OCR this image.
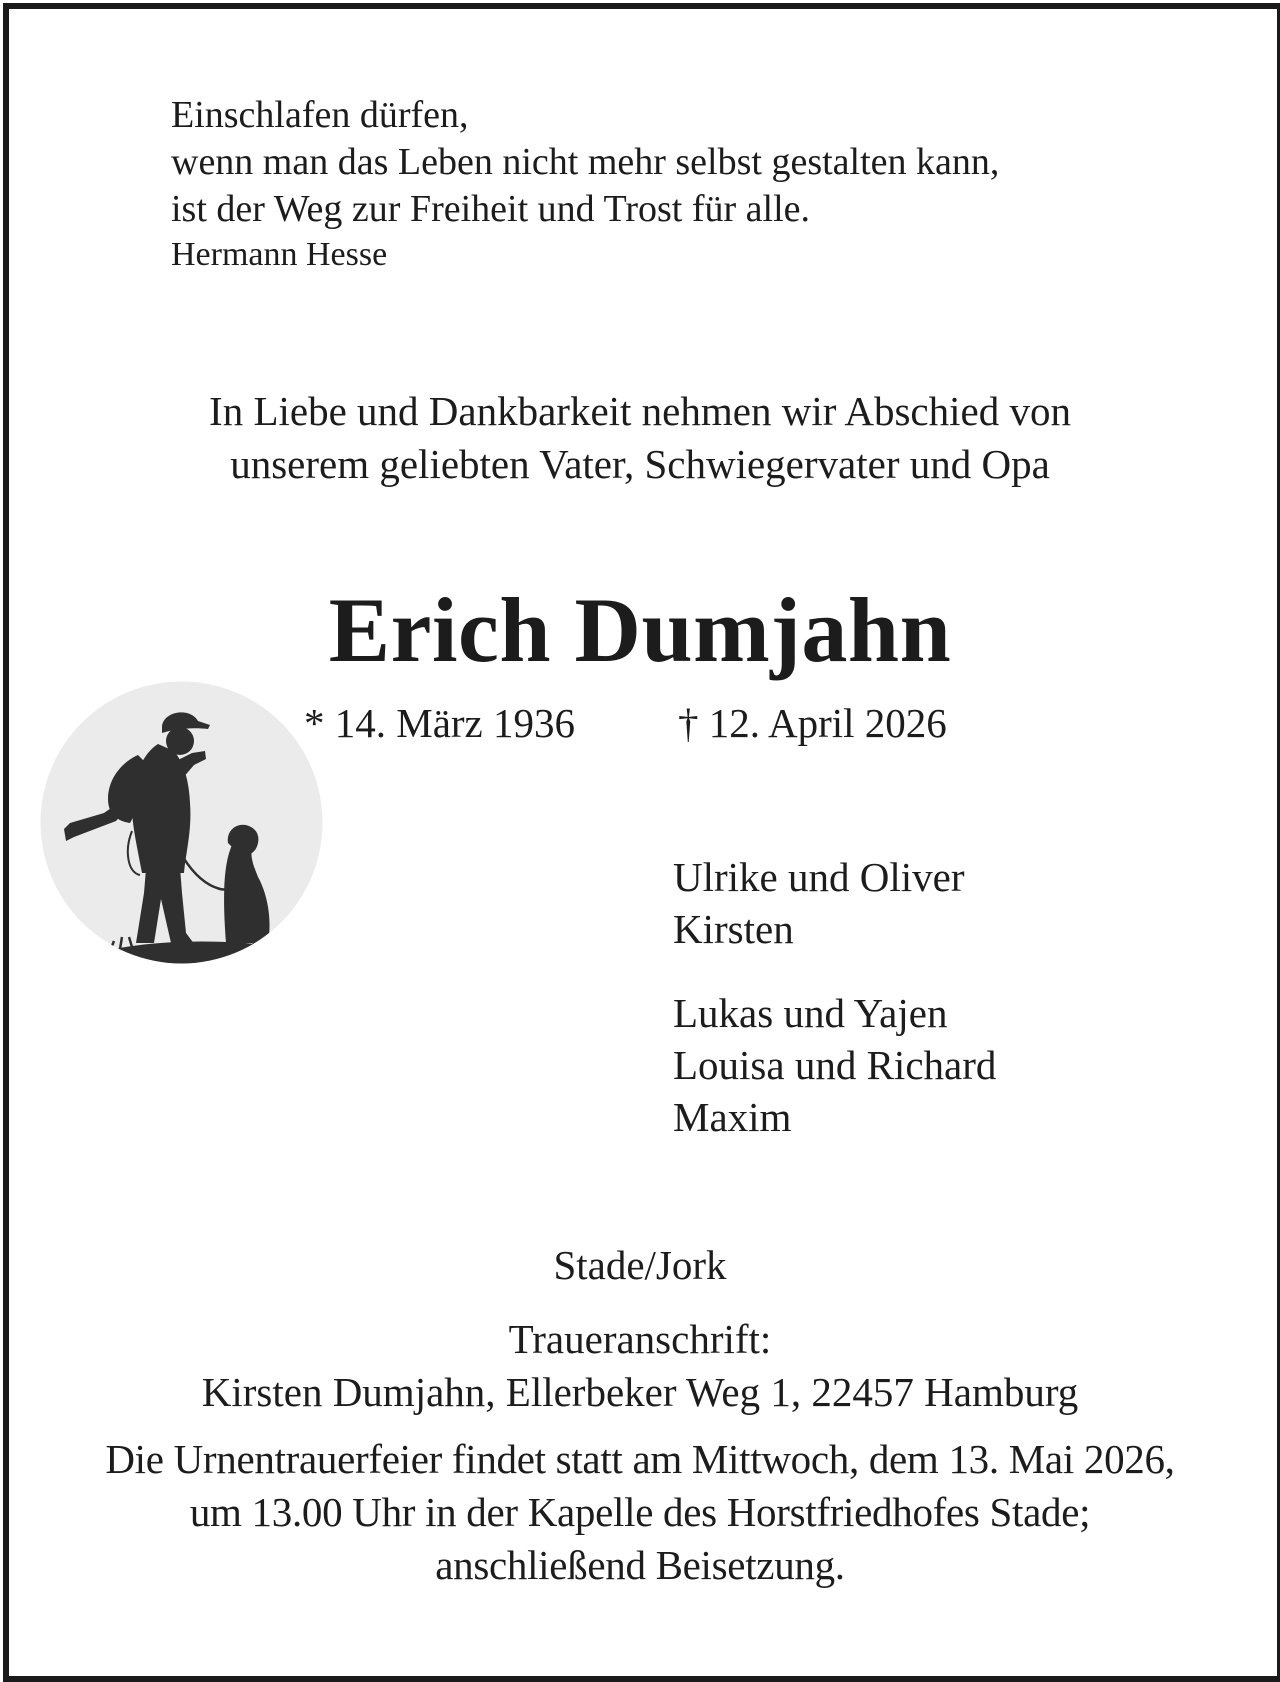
Einschlafen dürfen,
wenn man das Leben nicht mehr selbst gestalten kann,
ist der Weg zur Freiheit und Trost für alle.
Hermann Hesse
In Liebe und Dankbarkeit nehmen wir Abschied von
unserem geliebten Vater, Schwiegervater und Opa
Erich Dumjahn
* 14. März 1936	† 12. April 2026
Ulrike und Oliver
Kirsten
Lukas und Yajen
Louisa und Richard
Maxim
Stade/Jork
Traueranschrift:
Kirsten Dumjahn, Ellerbeker Weg 1, 22457 Hamburg
Die Urnentrauerfeier findet statt am Mittwoch, dem 13. Mai 2026,
um 13.00 Uhr in der Kapelle des Horstfriedhofes Stade;
anschließend Beisetzung.
